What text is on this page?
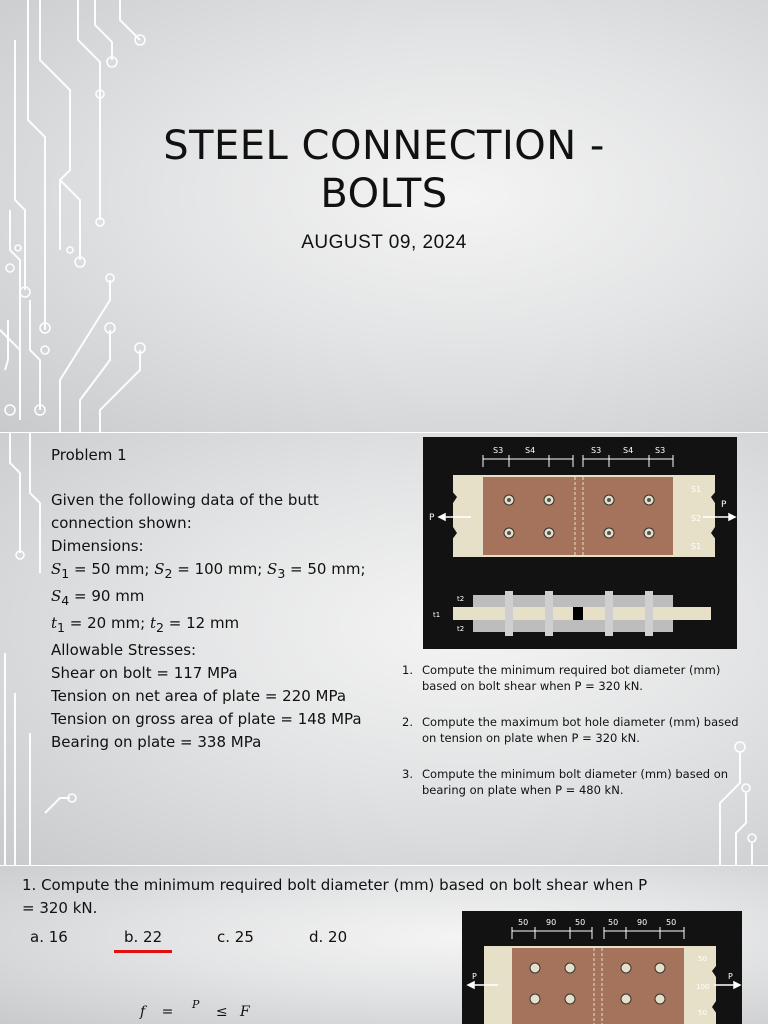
STEEL CONNECTION -
BOLTS
AUGUST 09, 2024
Problem 1
Given the following data of the butt connection shown:
Dimensions:
$S_1 = 50$ mm; $S_2 = 100$ mm; $S_3 = 50$ mm;
$S_4 = 90$ mm
$t_1 = 20$ mm; $t_2 = 12$ mm
Allowable Stresses:
Shear on bolt = 117 MPa
Tension on net area of plate = 220 MPa
Tension on gross area of plate = 148 MPa
Bearing on plate = 338 MPa
S3	S4	S3	S4	S3
S1
S2
S1
P
P
t2
t1
t2
1. Compute the minimum required bot diameter (mm) based on bolt shear when P = 320 kN.
2. Compute the maximum bot hole diameter (mm) based on tension on plate when P = 320 kN.
3. Compute the minimum bolt diameter (mm) based on bearing on plate when P = 480 kN.
1. Compute the minimum required bolt diameter (mm) based on bolt shear when P = 320 kN.
a. 16	b. 22	c. 25	d. 20
f = P ≤ F
50 90 50	50 90 50
50
100
50
P	P
